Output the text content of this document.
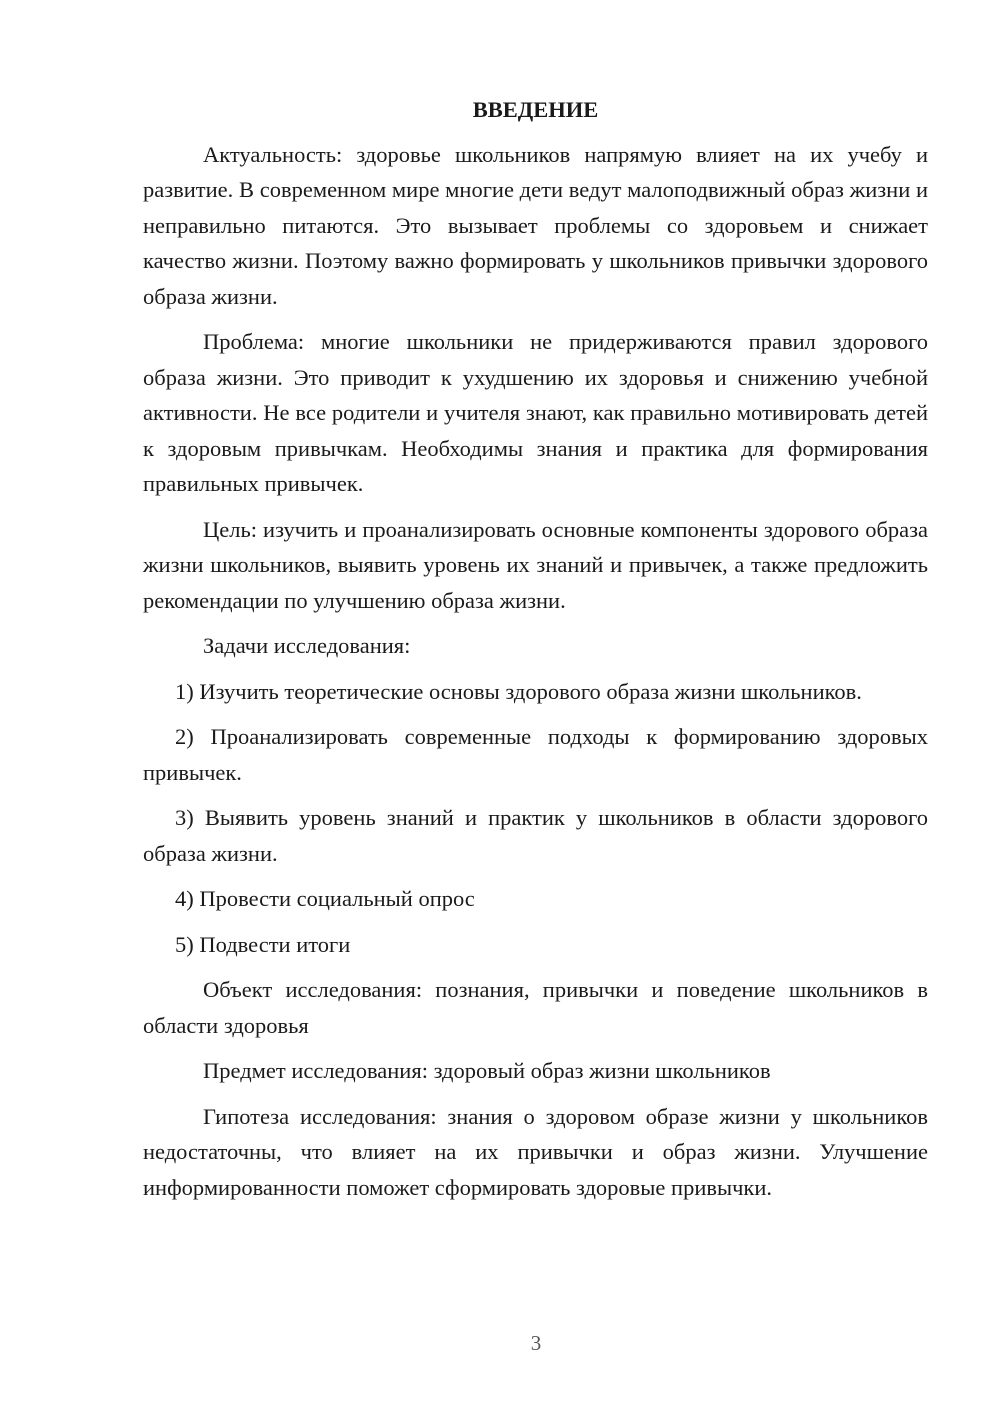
ВВЕДЕНИЕ

Актуальность: здоровье школьников напрямую влияет на их учебу и развитие. В современном мире многие дети ведут малоподвижный образ жизни и неправильно питаются. Это вызывает проблемы со здоровьем и снижает качество жизни. Поэтому важно формировать у школьников привычки здорового образа жизни.

Проблема: многие школьники не придерживаются правил здорового образа жизни. Это приводит к ухудшению их здоровья и снижению учебной активности. Не все родители и учителя знают, как правильно мотивировать детей к здоровым привычкам. Необходимы знания и практика для формирования правильных привычек.

Цель: изучить и проанализировать основные компоненты здорового образа жизни школьников, выявить уровень их знаний и привычек, а также предложить рекомендации по улучшению образа жизни.

Задачи исследования:

1) Изучить теоретические основы здорового образа жизни школьников.

2) Проанализировать современные подходы к формированию здоровых привычек.

3) Выявить уровень знаний и практик у школьников в области здорового образа жизни.

4) Провести социальный опрос

5) Подвести итоги

Объект исследования: познания, привычки и поведение школьников в области здоровья

Предмет исследования: здоровый образ жизни школьников

Гипотеза исследования: знания о здоровом образе жизни у школьников недостаточны, что влияет на их привычки и образ жизни. Улучшение информированности поможет сформировать здоровые привычки.

3
